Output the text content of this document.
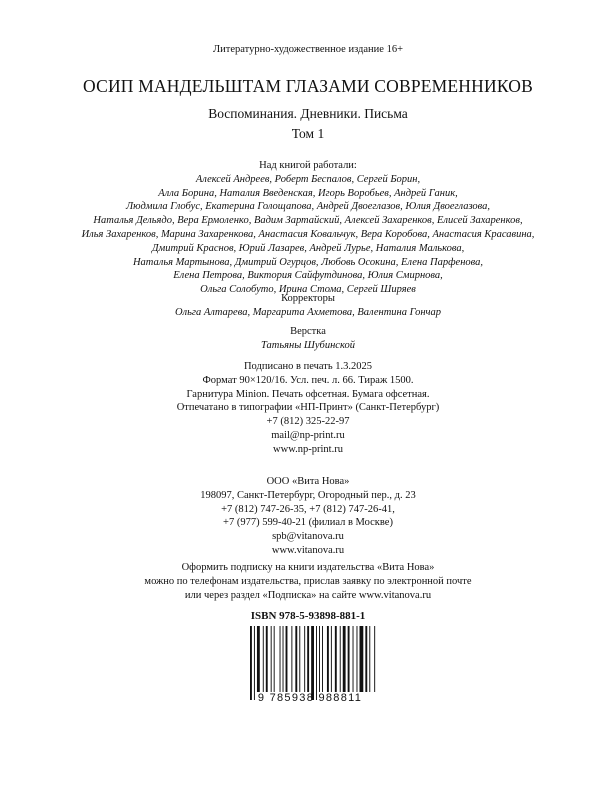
Литературно-художественное издание 16+
ОСИП МАНДЕЛЬШТАМ ГЛАЗАМИ СОВРЕМЕННИКОВ
Воспоминания. Дневники. Письма
Том 1
Над книгой работали:
Алексей Андреев, Роберт Беспалов, Сергей Борин,
Алла Борина, Наталия Введенская, Игорь Воробьев, Андрей Ганик,
Людмила Глобус, Екатерина Голощапова, Андрей Двоеглазов, Юлия Двоеглазова,
Наталья Дельядо, Вера Ермоленко, Вадим Зартайский, Алексей Захаренков, Елисей Захаренков,
Илья Захаренков, Марина Захаренкова, Анастасия Ковальчук, Вера Коробова, Анастасия Красавина,
Дмитрий Краснов, Юрий Лазарев, Андрей Лурье, Наталия Малькова,
Наталья Мартынова, Дмитрий Огурцов, Любовь Осокина, Елена Парфенова,
Елена Петрова, Виктория Сайфутдинова, Юлия Смирнова,
Ольга Солобуто, Ирина Стома, Сергей Ширяев
Корректоры
Ольга Алтарева, Маргарита Ахметова, Валентина Гончар
Верстка
Татьяны Шубинской
Подписано в печать 1.3.2025
Формат 90×120/16. Усл. печ. л. 66. Тираж 1500.
Гарнитура Minion. Печать офсетная. Бумага офсетная.
Отпечатано в типографии «НП-Принт» (Санкт-Петербург)
+7 (812) 325-22-97
mail@np-print.ru
www.np-print.ru
ООО «Вита Нова»
198097, Санкт-Петербург, Огородный пер., д. 23
+7 (812) 747-26-35, +7 (812) 747-26-41,
+7 (977) 599-40-21 (филиал в Москве)
spb@vitanova.ru
www.vitanova.ru
Оформить подписку на книги издательства «Вита Нова»
можно по телефонам издательства, прислав заявку по электронной почте
или через раздел «Подписка» на сайте www.vitanova.ru
ISBN 978-5-93898-881-1
9 785938 988811
